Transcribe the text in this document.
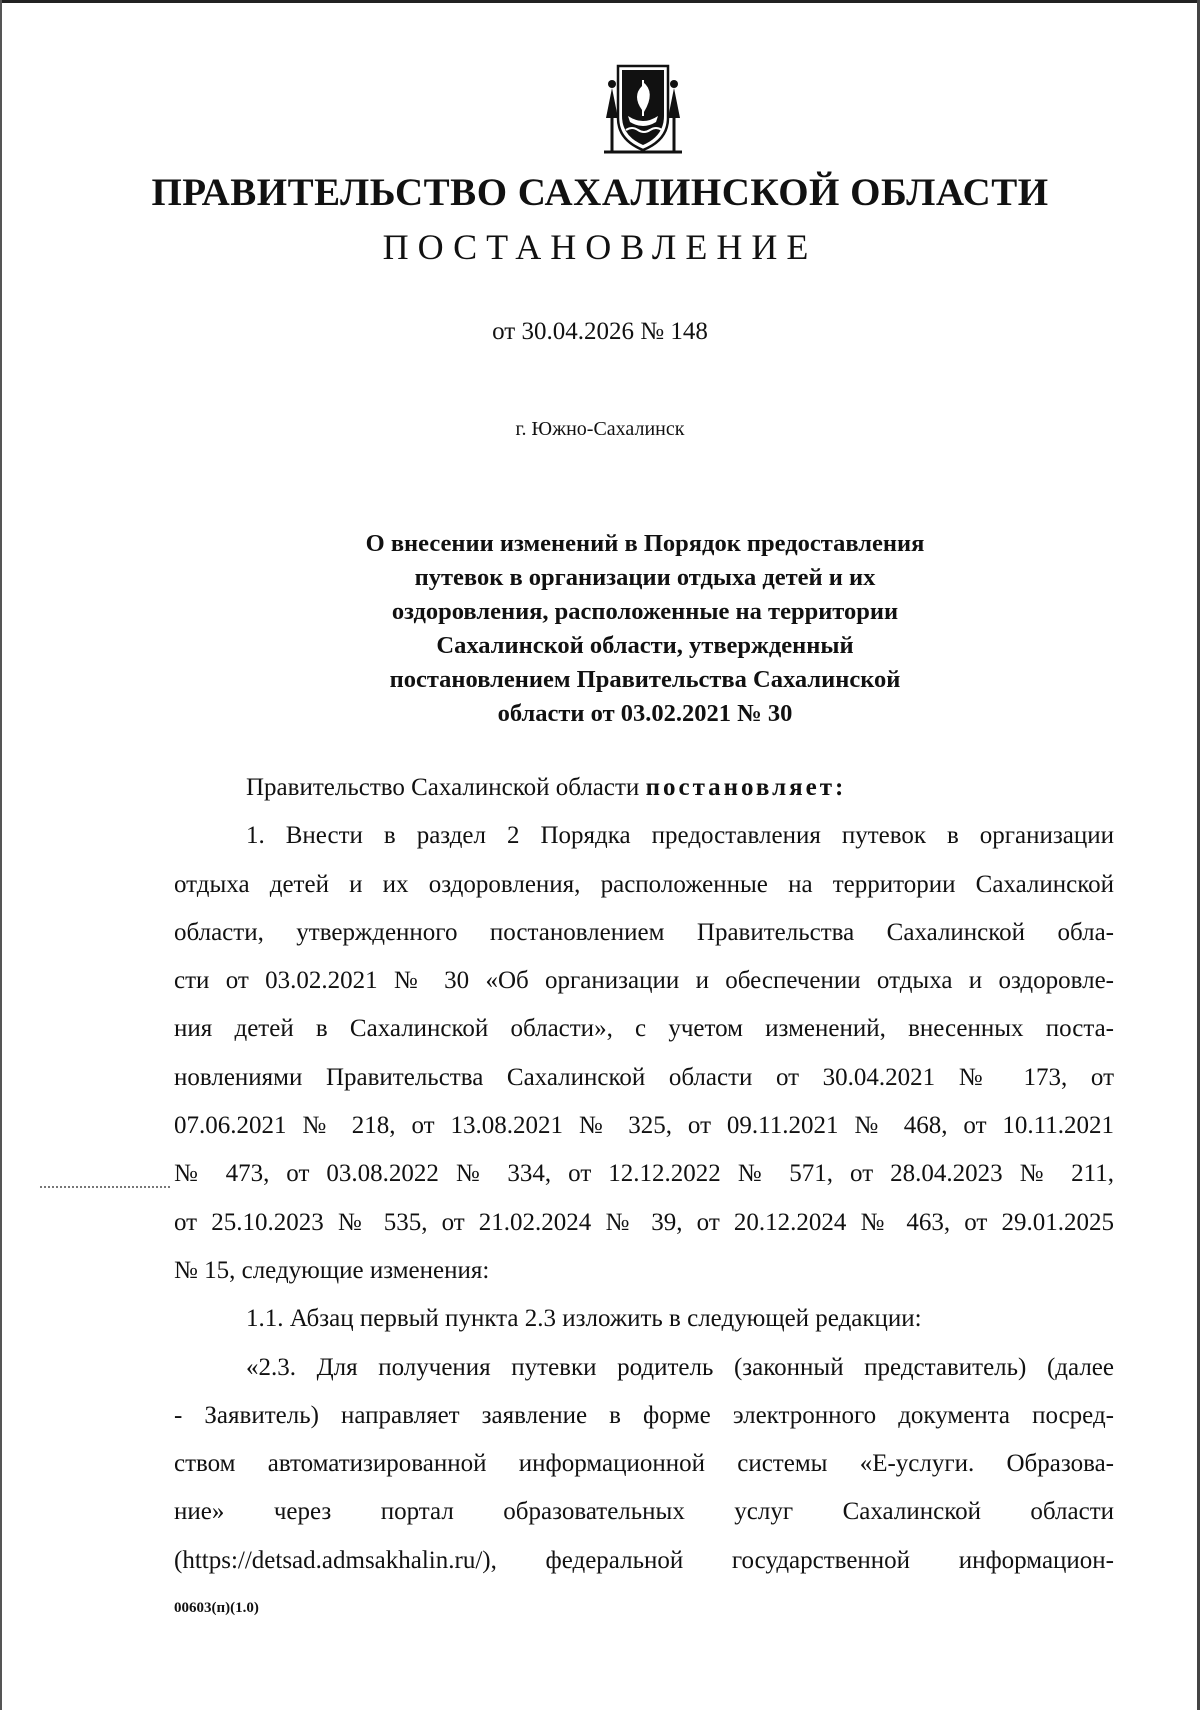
ПРАВИТЕЛЬСТВО САХАЛИНСКОЙ ОБЛАСТИ
ПОСТАНОВЛЕНИЕ
от 30.04.2026 № 148
г. Южно-Сахалинск
О внесении изменений в Порядок предоставления
путевок в организации отдыха детей и их
оздоровления, расположенные на территории
Сахалинской области, утвержденный
постановлением Правительства Сахалинской
области от 03.02.2021 № 30
Правительство Сахалинской области постановляет:
1. Внести в раздел 2 Порядка предоставления путевок в организации
отдыха детей и их оздоровления, расположенные на территории Сахалинской
области, утвержденного постановлением Правительства Сахалинской обла-
сти от 03.02.2021 № 30 «Об организации и обеспечении отдыха и оздоровле-
ния детей в Сахалинской области», с учетом изменений, внесенных поста-
новлениями Правительства Сахалинской области от 30.04.2021 № 173, от
07.06.2021 № 218, от 13.08.2021 № 325, от 09.11.2021 № 468, от 10.11.2021
№ 473, от 03.08.2022 № 334, от 12.12.2022 № 571, от 28.04.2023 № 211,
от 25.10.2023 № 535, от 21.02.2024 № 39, от 20.12.2024 № 463, от 29.01.2025
№ 15, следующие изменения:
1.1. Абзац первый пункта 2.3 изложить в следующей редакции:
«2.3. Для получения путевки родитель (законный представитель) (далее
- Заявитель) направляет заявление в форме электронного документа посред-
ством автоматизированной информационной системы «Е-услуги. Образова-
ние» через портал образовательных услуг Сахалинской области
(https://detsad.admsakhalin.ru/), федеральной государственной информацион-
00603(п)(1.0)
